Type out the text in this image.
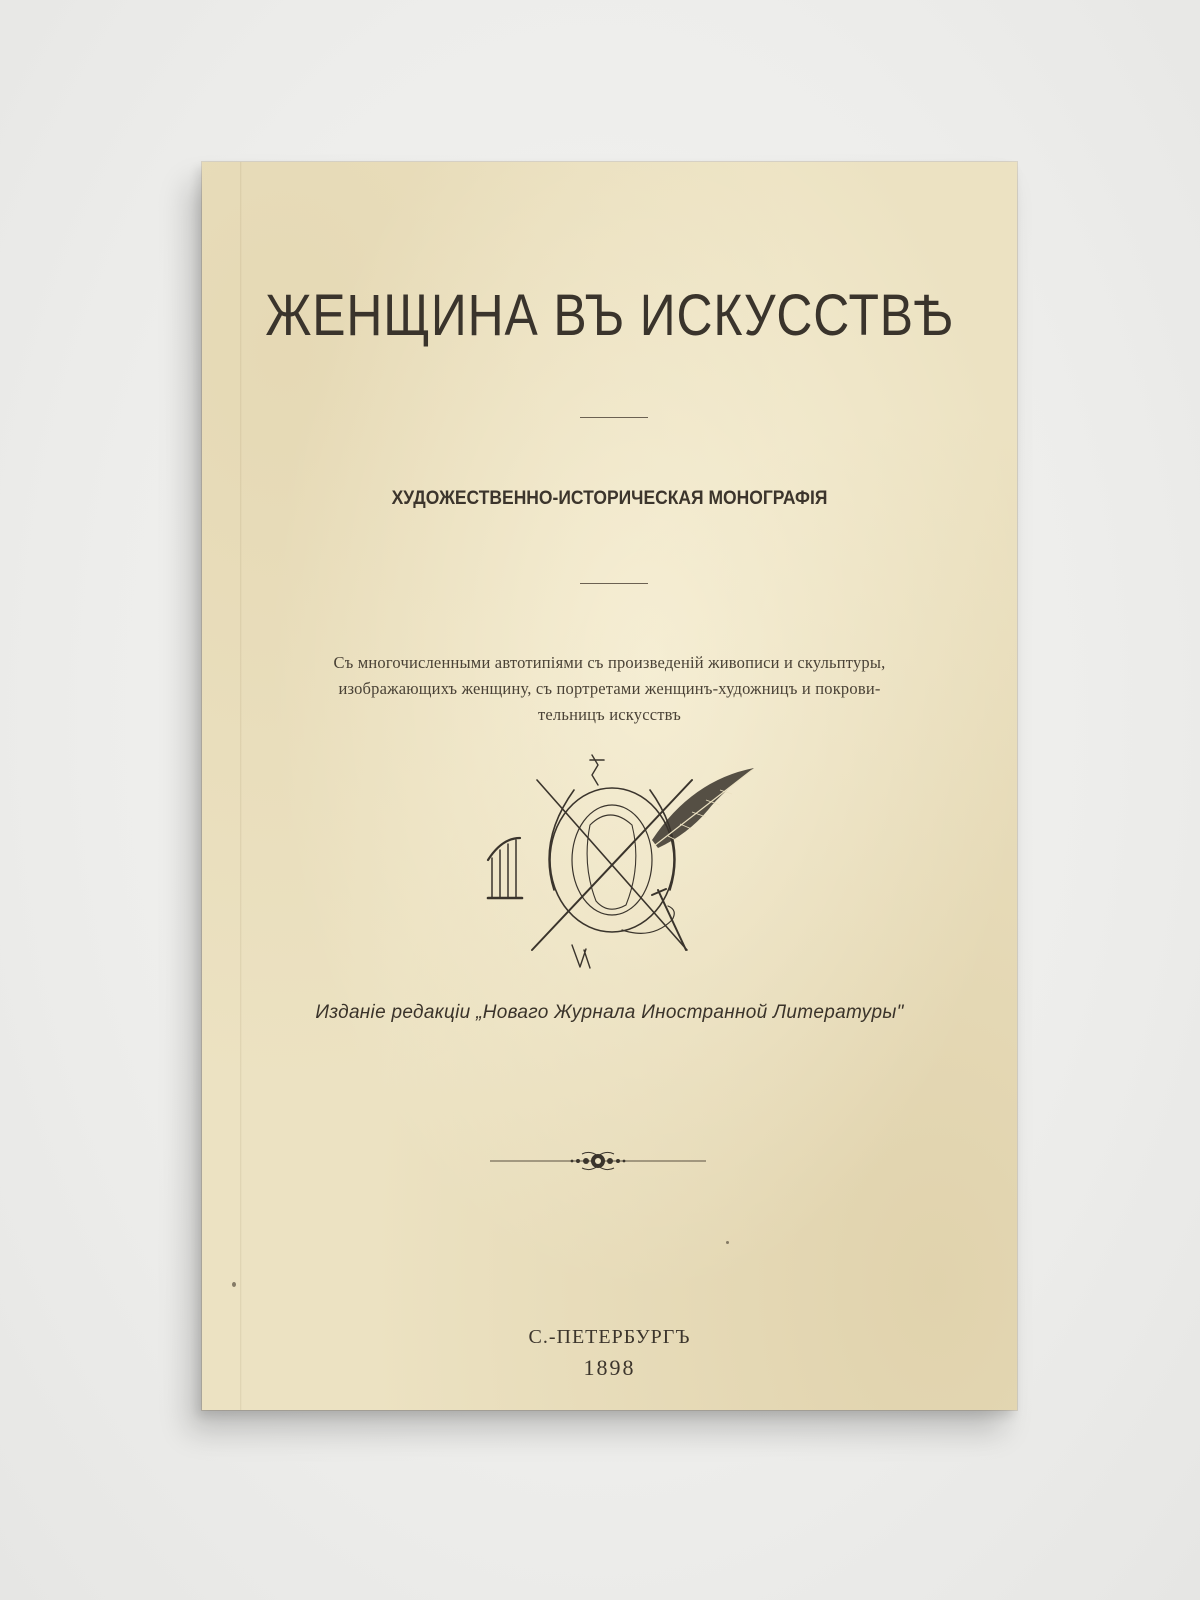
ЖЕНЩИНА ВЪ ИСКУССТВѢ
ХУДОЖЕСТВЕННО-ИСТОРИЧЕСКАЯ МОНОГРАФІЯ
Съ многочисленными автотипіями съ произведеній живописи и скульптуры,
изображающихъ женщину, съ портретами женщинъ-художницъ и покрови-
тельницъ искусствъ
Изданіе редакціи „Новаго Журнала Иностранной Литературы"
С.-ПЕТЕРБУРГЪ
1898
